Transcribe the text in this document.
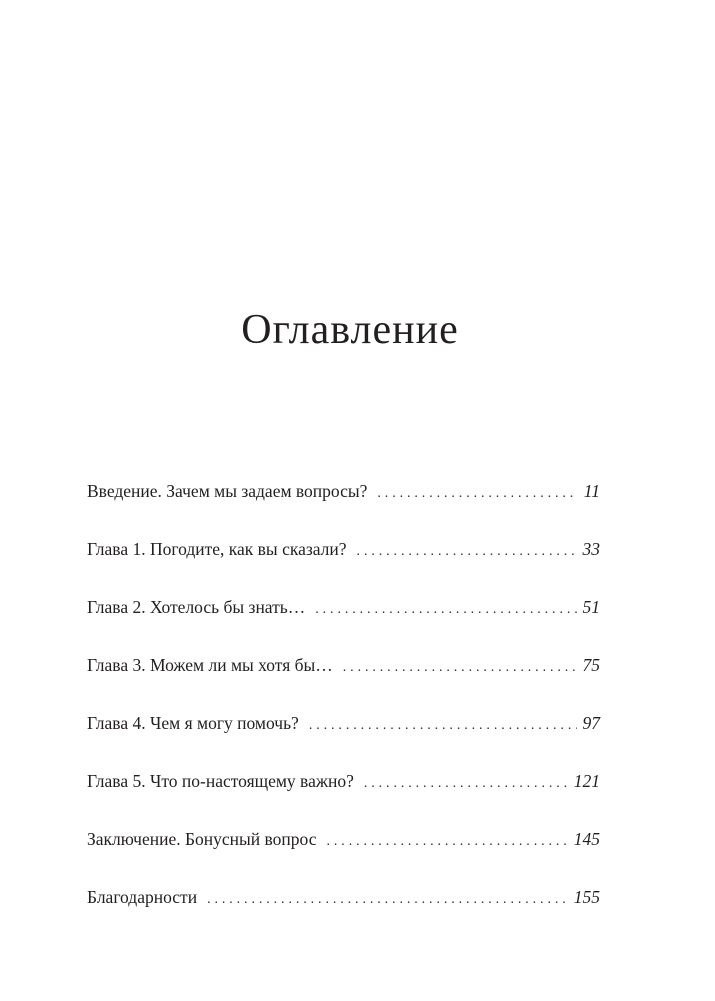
Оглавление
Введение. Зачем мы задаем вопросы? . . .	11
Глава 1. Погодите, как вы сказали? . . .	33
Глава 2. Хотелось бы знать… . . .	51
Глава 3. Можем ли мы хотя бы… . . .	75
Глава 4. Чем я могу помочь? . . .	97
Глава 5. Что по-настоящему важно? . . .	121
Заключение. Бонусный вопрос . . .	145
Благодарности . . .	155
